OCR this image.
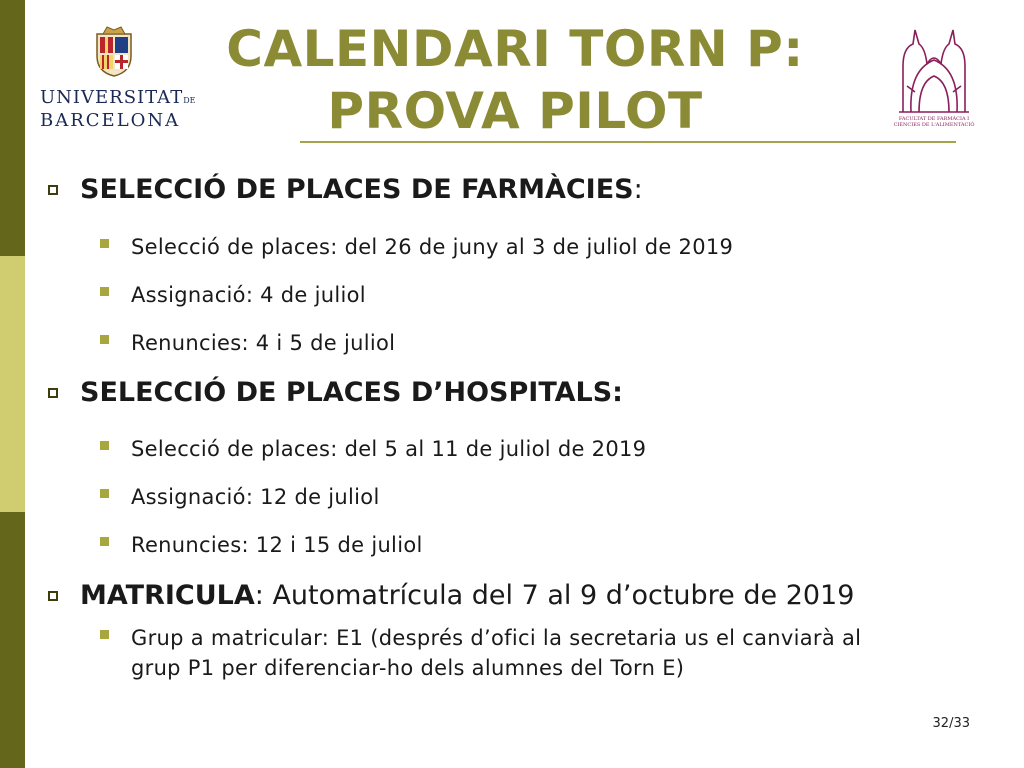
UNIVERSITATDE
BARCELONA
CALENDARI TORN P:
PROVA PILOT	FACULTAT DE FARMÀCIA I
CIÈNCIES DE L'ALIMENTACIÓ
SELECCIÓ DE PLACES DE FARMÀCIES:
Selecció de places: del 26 de juny al 3 de juliol de 2019
Assignació: 4 de juliol
Renuncies: 4 i 5 de juliol
SELECCIÓ DE PLACES D’HOSPITALS:
Selecció de places: del 5 al 11 de juliol de 2019
Assignació: 12 de juliol
Renuncies: 12 i 15 de juliol
MATRICULA: Automatrícula del 7 al 9 d’octubre de 2019
Grup a matricular: E1 (després d’ofici la secretaria us el canviarà al grup P1 per diferenciar-ho dels alumnes del Torn E)
32/33
